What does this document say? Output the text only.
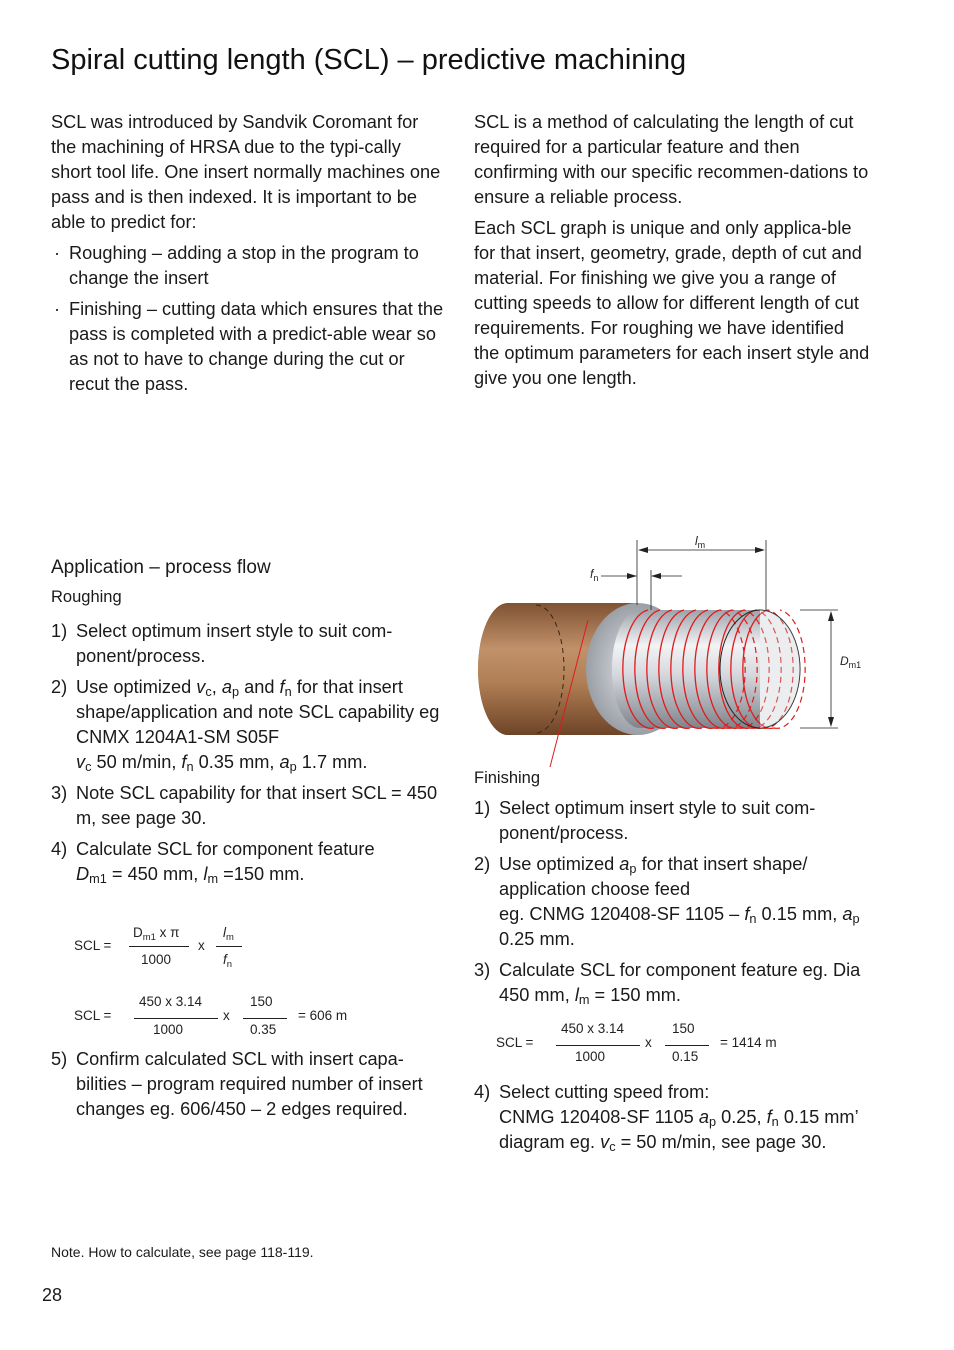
Spiral cutting length (SCL) – predictive machining

SCL was introduced by Sandvik Coromant for the machining of HRSA due to the typi-cally short tool life. One insert normally machines one pass and is then indexed. It is important to be able to predict for:

· Roughing – adding a stop in the program to change the insert
· Finishing – cutting data which ensures that the pass is completed with a predict-able wear so as not to have to change during the cut or recut the pass.

SCL is a method of calculating the length of cut required for a particular feature and then confirming with our specific recommen-dations to ensure a reliable process.

Each SCL graph is unique and only applica-ble for that insert, geometry, grade, depth of cut and material. For finishing we give you a range of cutting speeds to allow for different length of cut requirements. For roughing we have identified the optimum parameters for each insert style and give you one length.

Application – process flow
Roughing
1) Select optimum insert style to suit com-ponent/process.
2) Use optimized $v_c$, $a_p$ and $f_n$ for that insert shape/application and note SCL capability eg CNMX 1204A1-SM S05F
$v_c$ 50 m/min, $f_n$ 0.35 mm, $a_p$ 1.7 mm.
3) Note SCL capability for that insert SCL = 450 m, see page 30.
4) Calculate SCL for component feature
$D_{m1} = 450$ mm, $l_m =150$ mm.
SCL =
$D_{m1}$ x π
1000
x
$l_m$
$f_n$
SCL =
450 x 3.14
1000
x
150
0.35
= 606 m
5) Confirm calculated SCL with insert capa-bilities – program required number of insert changes eg. 606/450 – 2 edges required.
$l_m$
$f_n$
$D_{m1}$
Finishing
1) Select optimum insert style to suit com-ponent/process.
2) Use optimized $a_p$ for that insert shape/ application choose feed
eg. CNMG 120408-SF $1105 - f_n$ 0.15 mm, $a_p$ 0.25 mm.
3) Calculate SCL for component feature eg. Dia 450 mm, $l_m = 150$ mm.
SCL =
450 x 3.14
1000
x
150
0.15
= 1414 m
4) Select cutting speed from:
CNMG 120408-SF 1105 $a_p$ 0.25, $f_n$ 0.15 mm’ diagram eg. $v_c = 50$ m/min, see page 30.
Note. How to calculate, see page 118-119.
28
